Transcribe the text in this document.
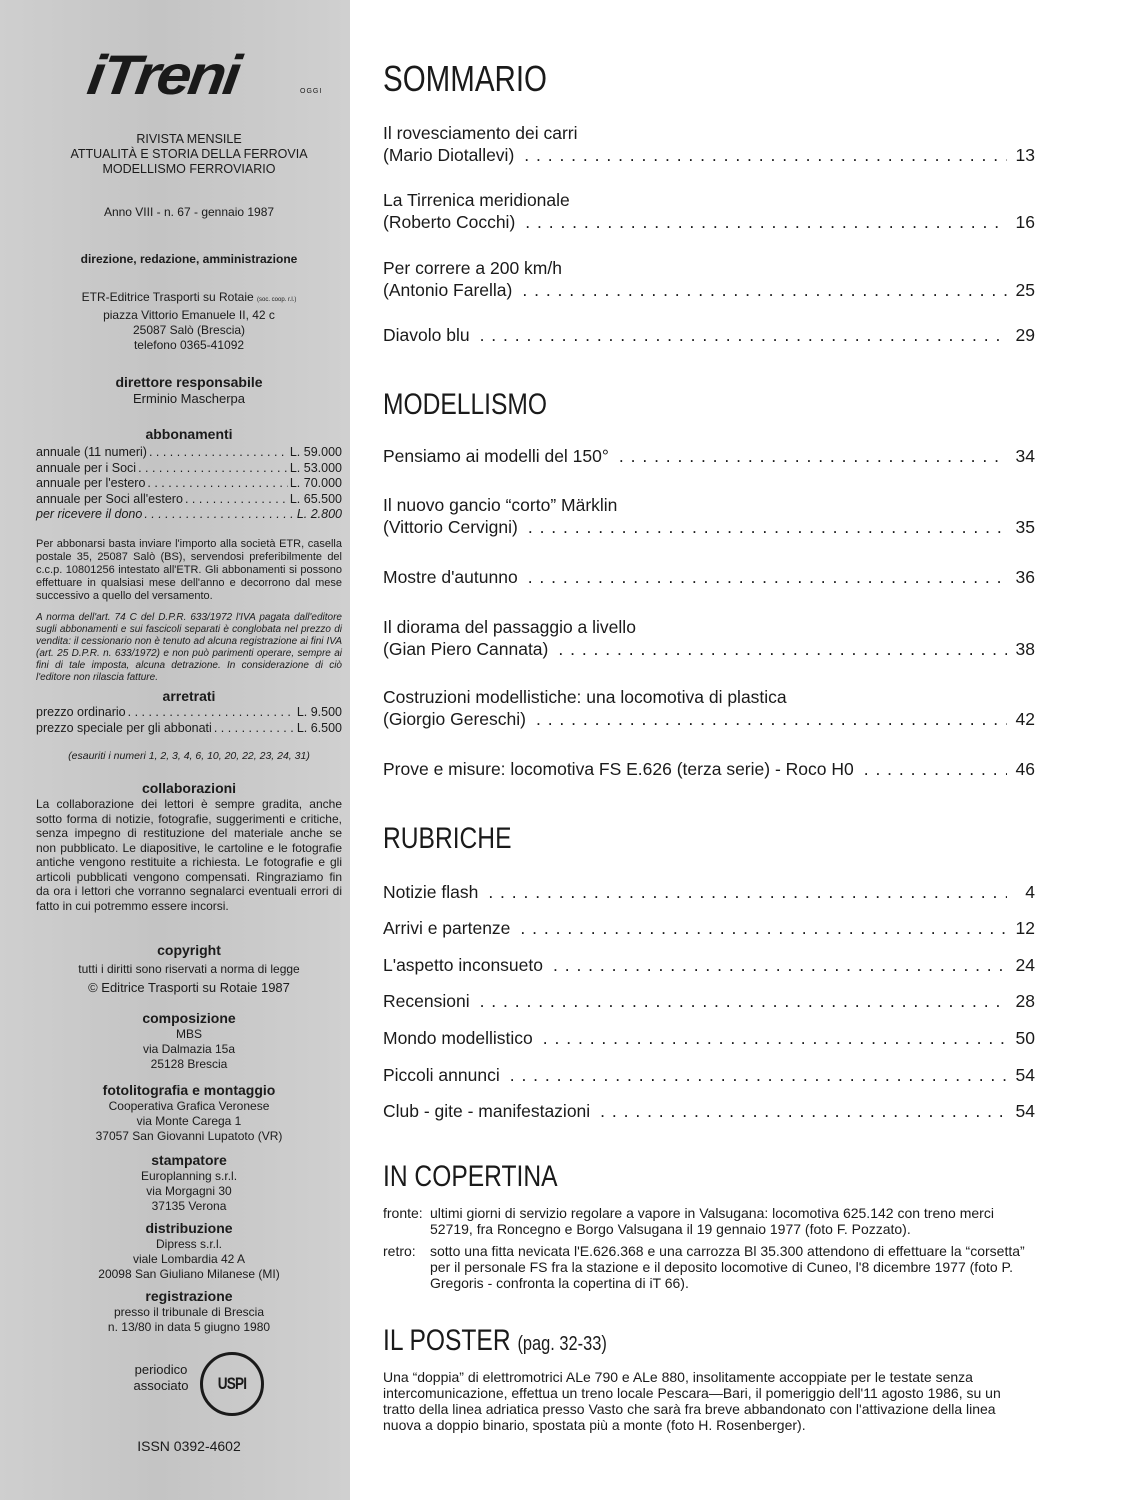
iTreni	OGGI
RIVISTA MENSILE
ATTUALITÀ E STORIA DELLA FERROVIA
MODELLISMO FERROVIARIO
Anno VIII - n. 67 - gennaio 1987
direzione, redazione, amministrazione
ETR-Editrice Trasporti su Rotaie (soc. coop. r.l.)
piazza Vittorio Emanuele II, 42 c
25087 Salò (Brescia)
telefono 0365-41092
direttore responsabile
Erminio Mascherpa
abbonamenti
annuale (11 numeri) . . .	L. 59.000
annuale per i Soci . . .	L. 53.000
annuale per l'estero . . .	L. 70.000
annuale per Soci all'estero . . .	L. 65.500
per ricevere il dono . . .	L. 2.800
Per abbonarsi basta inviare l'importo alla società ETR, casella postale 35, 25087 Salò (BS), servendosi preferibilmente del c.c.p. 10801256 intestato all'ETR. Gli abbonamenti si possono effettuare in qualsiasi mese dell'anno e decorrono dal mese successivo a quello del versamento.
A norma dell'art. 74 C del D.P.R. 633/1972 l'IVA pagata dall'editore sugli abbonamenti e sui fascicoli separati è conglobata nel prezzo di vendita: il cessionario non è tenuto ad alcuna registrazione ai fini IVA (art. 25 D.P.R. n. 633/1972) e non può parimenti operare, sempre ai fini di tale imposta, alcuna detrazione. In considerazione di ciò l'editore non rilascia fatture.
arretrati
prezzo ordinario . . .	L. 9.500
prezzo speciale per gli abbonati . . .	L. 6.500
(esauriti i numeri 1, 2, 3, 4, 6, 10, 20, 22, 23, 24, 31)
collaborazioni
La collaborazione dei lettori è sempre gradita, anche sotto forma di notizie, fotografie, suggerimenti e critiche, senza impegno di restituzione del materiale anche se non pubblicato. Le diapositive, le cartoline e le fotografie antiche vengono restituite a richiesta. Le fotografie e gli articoli pubblicati vengono compensati. Ringraziamo fin da ora i lettori che vorranno segnalarci eventuali errori di fatto in cui potremmo essere incorsi.
copyright
tutti i diritti sono riservati a norma di legge
© Editrice Trasporti su Rotaie 1987
composizione
MBS
via Dalmazia 15a
25128 Brescia
fotolitografia e montaggio
Cooperativa Grafica Veronese
via Monte Caregа 1
37057 San Giovanni Lupatoto (VR)
stampatore
Europlanning s.r.l.
via Morgagni 30
37135 Verona
distribuzione
Dipress s.r.l.
viale Lombardia 42 A
20098 San Giuliano Milanese (MI)
registrazione
presso il tribunale di Brescia
n. 13/80 in data 5 giugno 1980
periodico
associato	USPI
ISSN 0392-4602
SOMMARIO
Il rovesciamento dei carri
(Mario Diotallevi) . . .	13
La Tirrenica meridionale
(Roberto Cocchi) . . .	16
Per correre a 200 km/h
(Antonio Farella) . . .	25
Diavolo blu . . .	29
MODELLISMO
Pensiamo ai modelli del 150° . . .	34
Il nuovo gancio “corto” Märklin
(Vittorio Cervigni) . . .	35
Mostre d'autunno . . .	36
Il diorama del passaggio a livello
(Gian Piero Cannata) . . .	38
Costruzioni modellistiche: una locomotiva di plastica
(Giorgio Gereschi) . . .	42
Prove e misure: locomotiva FS E.626 (terza serie) - Roco H0 . . .	46
RUBRICHE
Notizie flash . . .	4
Arrivi e partenze . . .	12
L'aspetto inconsueto . . .	24
Recensioni . . .	28
Mondo modellistico . . .	50
Piccoli annunci . . .	54
Club - gite - manifestazioni . . .	54
IN COPERTINA
fronte: ultimi giorni di servizio regolare a vapore in Valsugana: locomotiva 625.142 con treno merci 52719, fra Roncegno e Borgo Valsugana il 19 gennaio 1977 (foto F. Pozzato).
retro:	sotto una fitta nevicata l'E.626.368 e una carrozza Bl 35.300 attendono di effettuare la “corsetta” per il personale FS fra la stazione e il deposito locomotive di Cuneo, l'8 dicembre 1977 (foto P. Gregoris - confronta la copertina di iT 66).
IL POSTER (pag. 32-33)
Una “doppia” di elettromotrici ALe 790 e ALe 880, insolitamente accoppiate per le testate senza intercomunicazione, effettua un treno locale Pescara—Bari, il pomeriggio dell'11 agosto 1986, su un tratto della linea adriatica presso Vasto che sarà fra breve abbandonato con l'attivazione della linea nuova a doppio binario, spostata più a monte (foto H. Rosenberger).
